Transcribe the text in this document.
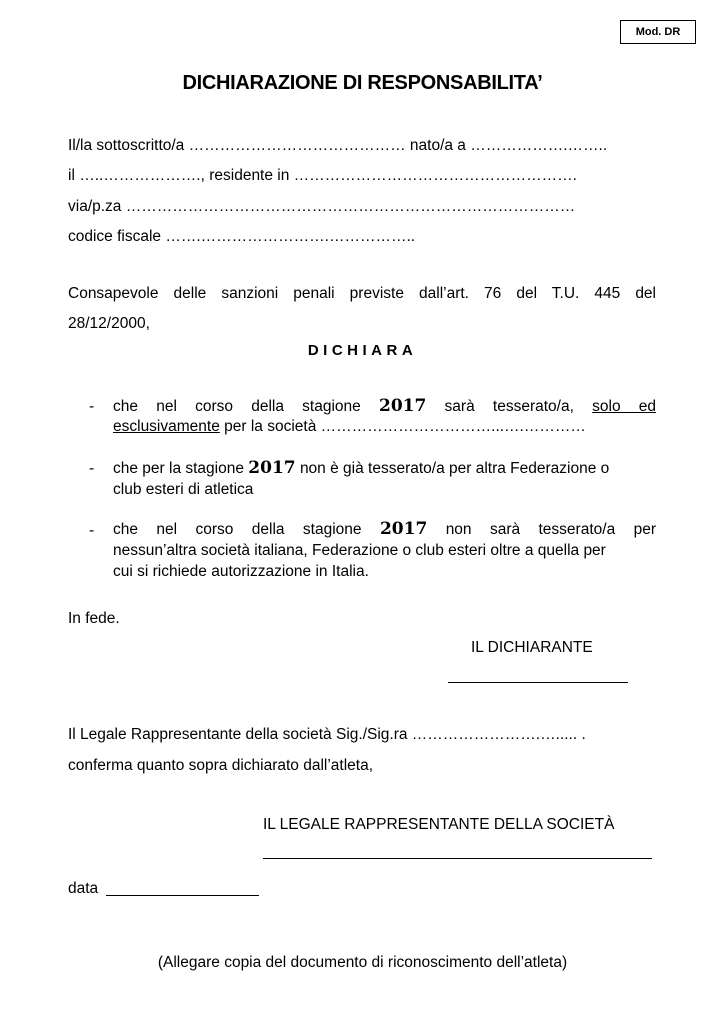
Mod. DR
DICHIARAZIONE DI RESPONSABILITA’
Il/la sottoscritto/a …………………………………… nato/a a ……………….……..
il …..………………., residente in ……………………………………………….
via/p.za ……………………………………………………………………………
codice fiscale …….…………………….……………..
Consapevole delle sanzioni penali previste dall’art. 76 del T.U. 445 del
28/12/2000,
DICHIARA
- che nel corso della stagione 2017 sarà tesserato/a, solo ed
esclusivamente per la società ……………………………...….…………
- che per la stagione 2017 non è già tesserato/a per altra Federazione o
club esteri di atletica
- che nel corso della stagione 2017 non sarà tesserato/a per
nessun’altra società italiana, Federazione o club esteri oltre a quella per
cui si richiede autorizzazione in Italia.
In fede.
IL DICHIARANTE
Il Legale Rappresentante della società Sig./Sig.ra …………………….…..... .
conferma quanto sopra dichiarato dall’atleta,
IL LEGALE RAPPRESENTANTE DELLA SOCIETÀ
data
(Allegare copia del documento di riconoscimento dell’atleta)
